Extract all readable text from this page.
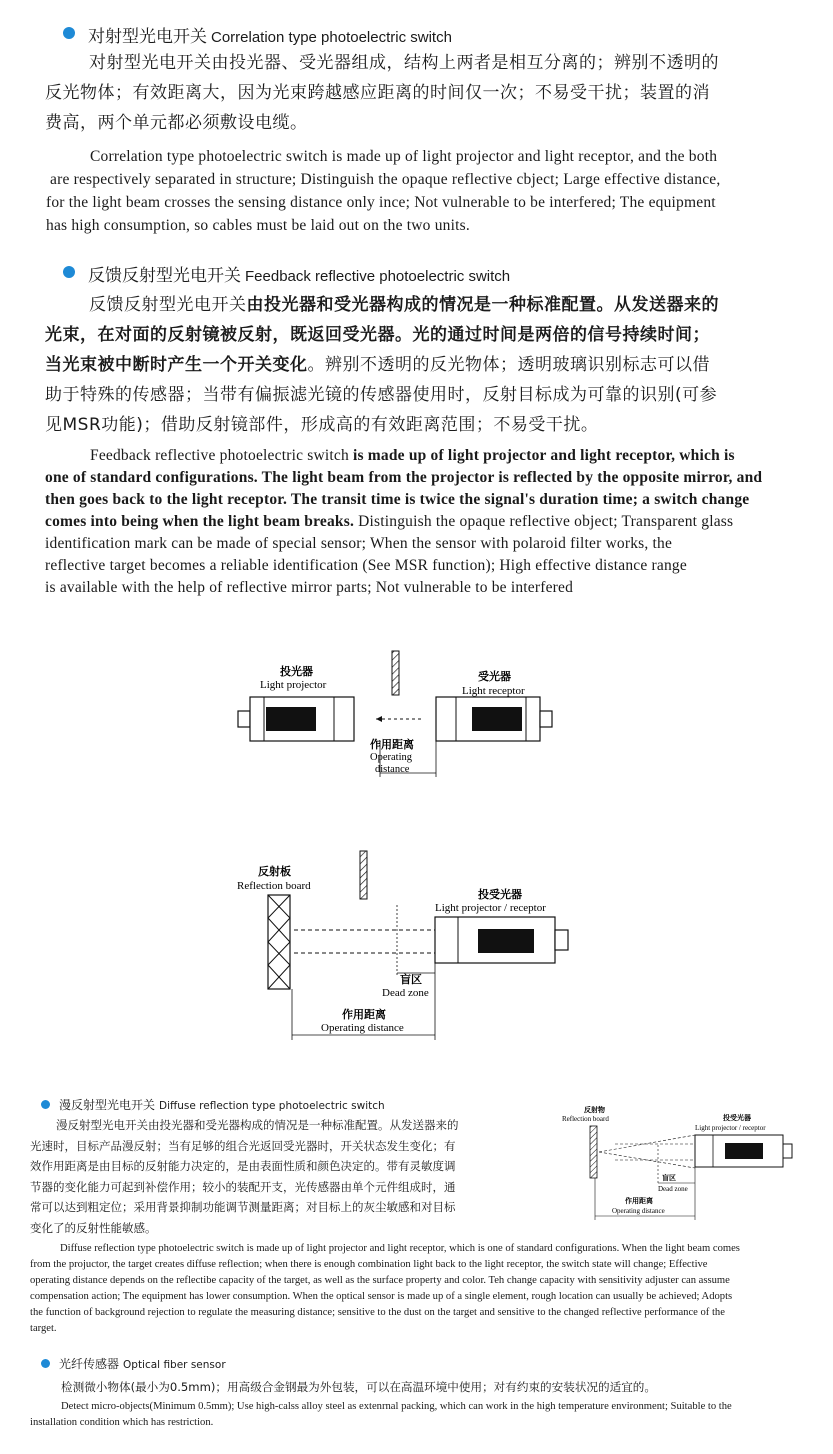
对射型光电开关 Correlation type photoelectric switch
对射型光电开关由投光器、受光器组成，结构上两者是相互分离的；辨别不透明的
反光物体；有效距离大，因为光束跨越感应距离的时间仅一次；不易受干扰；装置的消
费高，两个单元都必须敷设电缆。
Correlation type photoelectric switch is made up of light projector and light receptor, and the both
are respectively separated in structure; Distinguish the opaque reflective cbject; Large effective distance,
for the light beam crosses the sensing distance only ince; Not vulnerable to be interfered; The equipment
has high consumption, so cables must be laid out on the two units.
反馈反射型光电开关 Feedback reflective photoelectric switch
反馈反射型光电开关由投光器和受光器构成的情况是一种标准配置。从发送器来的
光束，在对面的反射镜被反射，既返回受光器。光的通过时间是两倍的信号持续时间；
当光束被中断时产生一个开关变化。辨别不透明的反光物体；透明玻璃识别标志可以借
助于特殊的传感器；当带有偏振滤光镜的传感器使用时，反射目标成为可靠的识别(可参
见MSR功能)；借助反射镜部件，形成高的有效距离范围；不易受干扰。
Feedback reflective photoelectric switch is made up of light projector and light receptor, which is
one of standard configurations. The light beam from the projector is reflected by the opposite mirror, and
then goes back to the light receptor. The transit time is twice the signal's duration time; a switch change
comes into being when the light beam breaks. Distinguish the opaque reflective object; Transparent glass
identification mark can be made of special sensor; When the sensor with polaroid filter works, the
reflective target becomes a reliable identification (See MSR function); High effective distance range
is available with the help of reflective mirror parts; Not vulnerable to be interfered
投光器
Light projector
受光器
Light receptor
作用距离
Operating
distance
反射板
Reflection board
投受光器
Light projector / receptor
盲区
Dead zone
作用距离
Operating distance
漫反射型光电开关 Diffuse reflection type photoelectric switch
漫反射型光电开关由投光器和受光器构成的情况是一种标准配置。从发送器来的
光速时，目标产品漫反射；当有足够的组合光返回受光器时，开关状态发生变化；有
效作用距离是由目标的反射能力决定的，是由表面性质和颜色决定的。带有灵敏度调
节器的变化能力可起到补偿作用；较小的装配开支，光传感器由单个元件组成时，通
常可以达到粗定位；采用背景抑制功能调节测量距离；对目标上的灰尘敏感和对目标
变化了的反射性能敏感。
反射物
Reflection board	投受光器
Light projector / receptor
盲区
Dead zone
作用距离
Operating distance
Diffuse reflection type photoelectric switch is made up of light projector and light receptor, which is one of standard configurations. When the light beam comes
from the projuctor, the target creates diffuse reflection; when there is enough combination light back to the light receptor, the switch state will change; Effective
operating distance depends on the reflectibe capacity of the target, as well as the surface property and color. Teh change capacity with sensitivity adjuster can assume
compensation action; The equipment has lower consumption. When the optical sensor is made up of a single element, rough location can usually be achieved; Adopts
the function of background rejection to regulate the measuring distance; sensitive to the dust on the target and sensitive to the changed reflective performance of the
target.
光纤传感器 Optical fiber sensor
检测微小物体(最小为0.5mm)；用高级合金钢最为外包装，可以在高温环境中使用；对有约束的安装状况的适宜的。
Detect micro-objects(Minimum 0.5mm); Use high-calss alloy steel as extenrnal packing, which can work in the high temperature environment; Suitable to the
installation condition which has restriction.
